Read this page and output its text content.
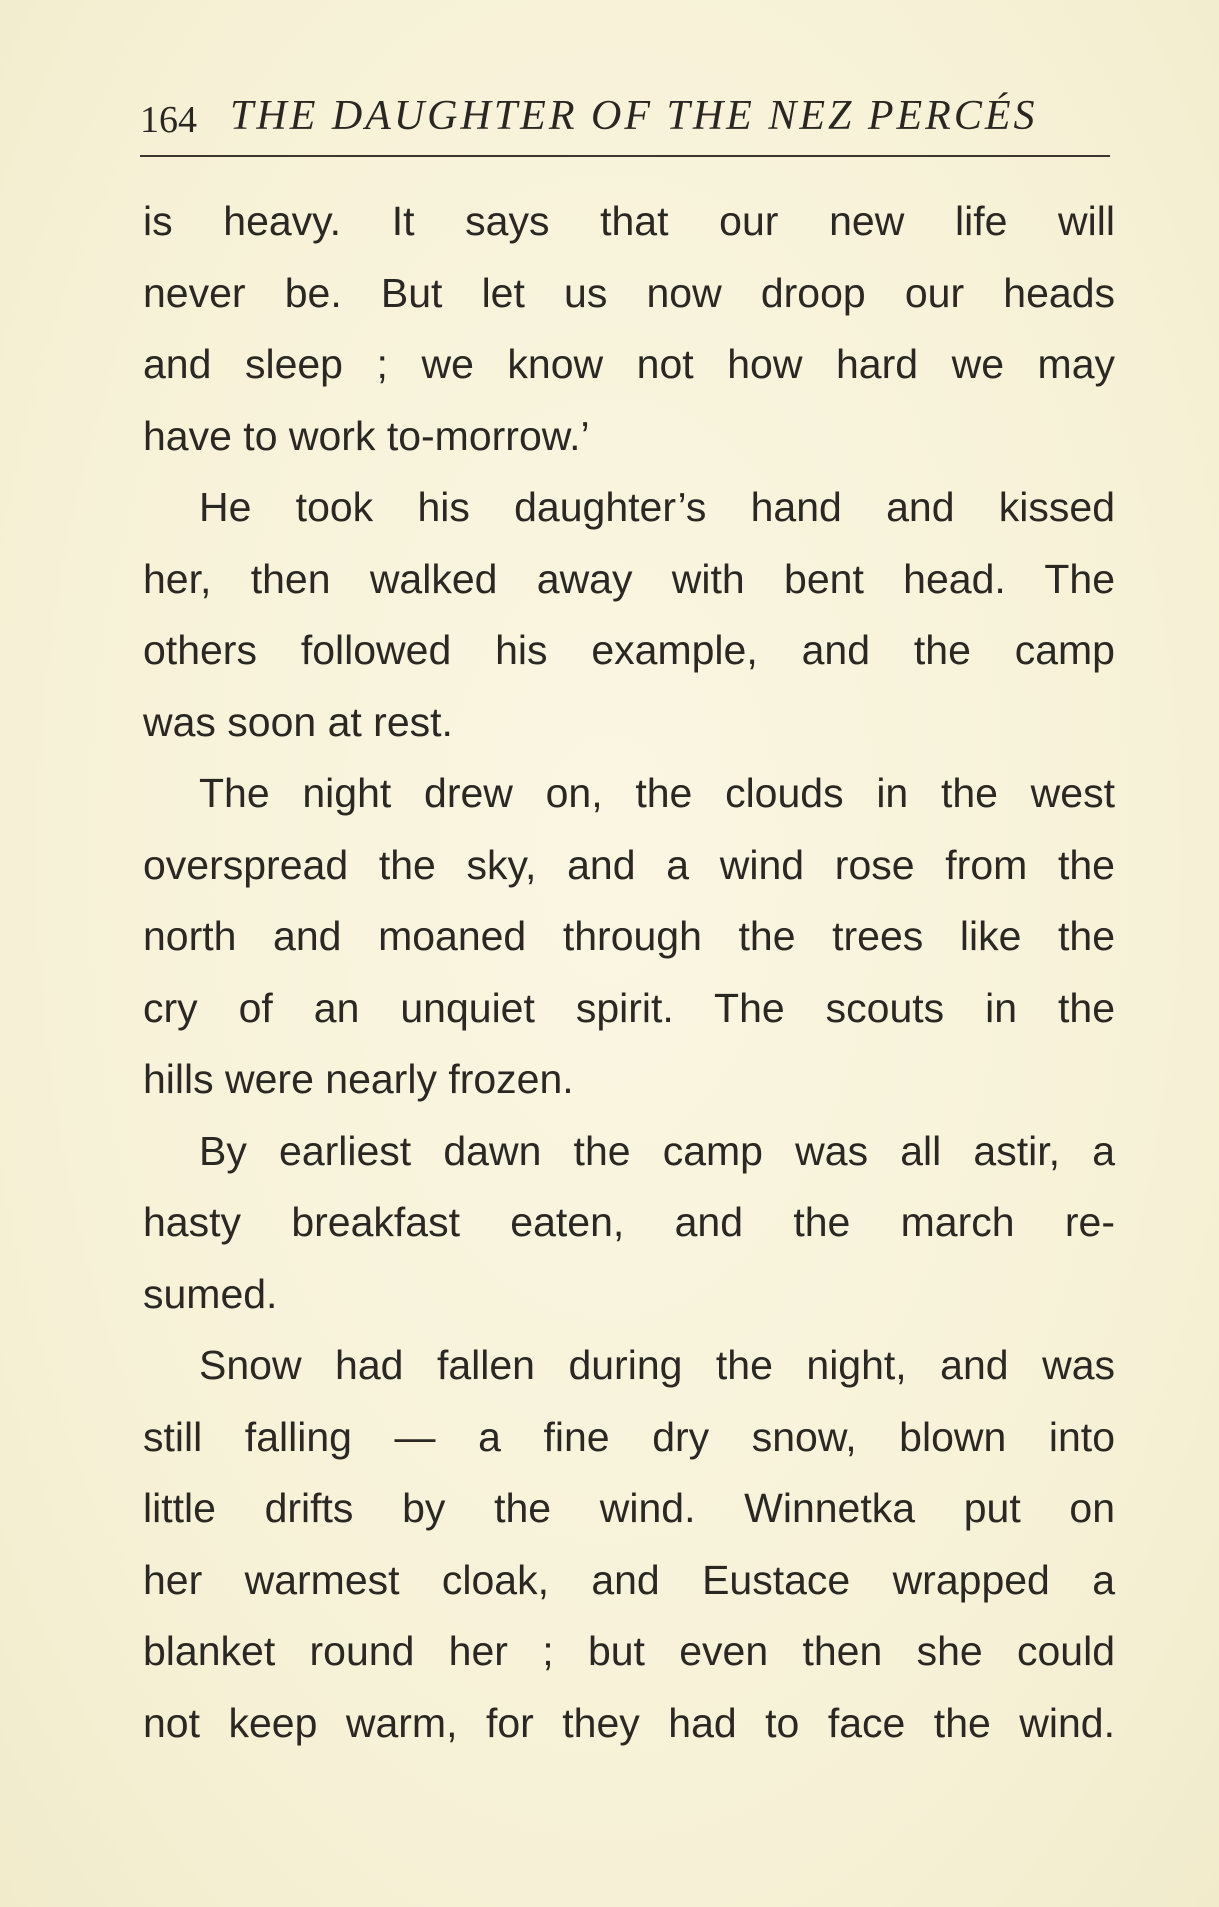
164 THE DAUGHTER OF THE NEZ PERCÉS
is heavy. It says that our new life will
never be. But let us now droop our heads
and sleep ; we know not how hard we may
have to work to-morrow.’
He took his daughter’s hand and kissed
her, then walked away with bent head. The
others followed his example, and the camp
was soon at rest.
The night drew on, the clouds in the west
overspread the sky, and a wind rose from the
north and moaned through the trees like the
cry of an unquiet spirit. The scouts in the
hills were nearly frozen.
By earliest dawn the camp was all astir, a
hasty breakfast eaten, and the march re-
sumed.
Snow had fallen during the night, and was
still falling — a fine dry snow, blown into
little drifts by the wind. Winnetka put on
her warmest cloak, and Eustace wrapped a
blanket round her ; but even then she could
not keep warm, for they had to face the wind.
